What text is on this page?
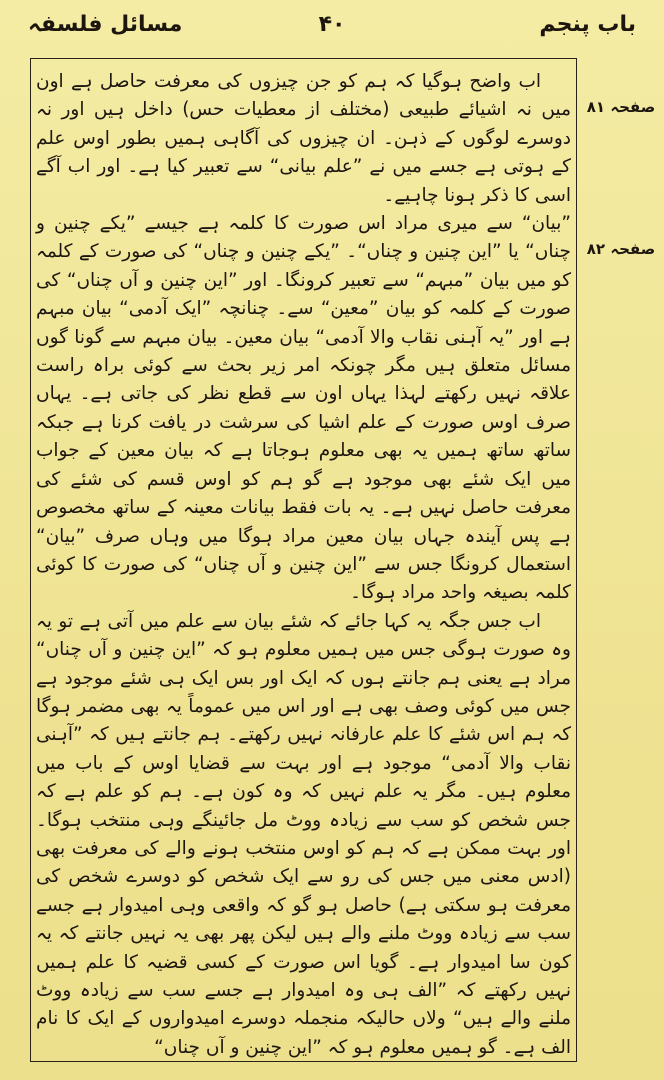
باب پنجم
۴۰
مسائل فلسفہ
صفحہ ۸۱
صفحہ ۸۲

اب واضح ہوگیا کہ ہم کو جن چیزوں کی معرفت حاصل ہے اون میں نہ اشیائے طبیعی (مختلف از معطیات حس) داخل ہیں اور نہ دوسرے لوگوں کے ذہن۔ ان چیزوں کی آگاہی ہمیں بطور اوس علم کے ہوتی ہے جسے میں نے ”علم بیانی“ سے تعبیر کیا ہے۔ اور اب آگے اسی کا ذکر ہونا چاہیے۔

”بیان“ سے میری مراد اس صورت کا کلمہ ہے جیسے ”یکے چنین و چناں“ یا ”این چنین و چناں“۔ ”یکے چنین و چناں“ کی صورت کے کلمہ کو میں بیان ”مبہم“ سے تعبیر کرونگا۔ اور ”این چنین و آں چناں“ کی صورت کے کلمہ کو بیان ”معین“ سے۔ چنانچہ ”ایک آدمی“ بیان مبہم ہے اور ”یہ آہنی نقاب والا آدمی“ بیان معین۔ بیان مبہم سے گونا گوں مسائل متعلق ہیں مگر چونکہ امر زیر بحث سے کوئی براہ راست علاقہ نہیں رکھتے لہذا یہاں اون سے قطع نظر کی جاتی ہے۔ یہاں صرف اوس صورت کے علم اشیا کی سرشت در یافت کرنا ہے جبکہ ساتھ ساتھ ہمیں یہ بھی معلوم ہوجاتا ہے کہ بیان معین کے جواب میں ایک شئے بھی موجود ہے گو ہم کو اوس قسم کی شئے کی معرفت حاصل نہیں ہے۔ یہ بات فقط بیانات معینہ کے ساتھ مخصوص ہے پس آیندہ جہاں بیان معین مراد ہوگا میں وہاں صرف ”بیان“ استعمال کرونگا جس سے ”این چنین و آں چناں“ کی صورت کا کوئی کلمہ بصیغہ واحد مراد ہوگا۔

اب جس جگہ یہ کہا جائے کہ شئے بیان سے علم میں آتی ہے تو یہ وہ صورت ہوگی جس میں ہمیں معلوم ہو کہ ”این چنین و آں چناں“ مراد ہے یعنی ہم جانتے ہوں کہ ایک اور بس ایک ہی شئے موجود ہے جس میں کوئی وصف بھی ہے اور اس میں عموماً یہ بھی مضمر ہوگا کہ ہم اس شئے کا علم عارفانہ نہیں رکھتے۔ ہم جانتے ہیں کہ ”آہنی نقاب والا آدمی“ موجود ہے اور بہت سے قضایا اوس کے باب میں معلوم ہیں۔ مگر یہ علم نہیں کہ وہ کون ہے۔ ہم کو علم ہے کہ جس شخص کو سب سے زیادہ ووٹ مل جائینگے وہی منتخب ہوگا۔ اور بہت ممکن ہے کہ ہم کو اوس منتخب ہونے والے کی معرفت بھی (ادس معنی میں جس کی رو سے ایک شخص کو دوسرے شخص کی معرفت ہو سکتی ہے) حاصل ہو گو کہ واقعی وہی امیدوار ہے جسے سب سے زیادہ ووٹ ملنے والے ہیں لیکن پھر بھی یہ نہیں جانتے کہ یہ کون سا امیدوار ہے۔ گویا اس صورت کے کسی قضیہ کا علم ہمیں نہیں رکھتے کہ ”الف ہی وہ امیدوار ہے جسے سب سے زیادہ ووٹ ملنے والے ہیں“ ولاں حالیکہ منجملہ دوسرے امیدواروں کے ایک کا نام الف ہے۔ گو ہمیں معلوم ہو کہ ”این چنین و آں چناں“
